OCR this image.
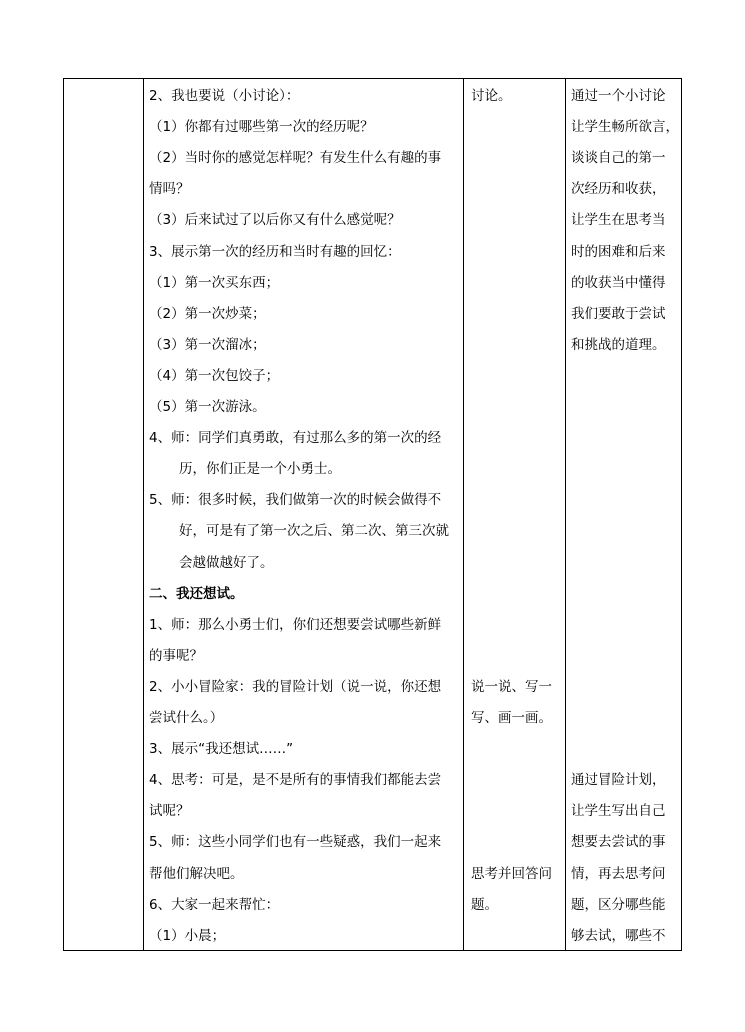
2、我也要说（小讨论）：
（1）你都有过哪些第一次的经历呢？
（2）当时你的感觉怎样呢？有发生什么有趣的事
情吗？
（3）后来试过了以后你又有什么感觉呢？
3、展示第一次的经历和当时有趣的回忆：
（1）第一次买东西；
（2）第一次炒菜；
（3）第一次溜冰；
（4）第一次包饺子；
（5）第一次游泳。
4、师：同学们真勇敢，有过那么多的第一次的经
历，你们正是一个小勇士。
5、师：很多时候，我们做第一次的时候会做得不
好，可是有了第一次之后、第二次、第三次就
会越做越好了。
二、我还想试。
1、师：那么小勇士们，你们还想要尝试哪些新鲜
的事呢？
2、小小冒险家：我的冒险计划（说一说，你还想
尝试什么。）
3、展示“我还想试……”
4、思考：可是，是不是所有的事情我们都能去尝
试呢？
5、师：这些小同学们也有一些疑惑，我们一起来
帮他们解决吧。
6、大家一起来帮忙：
（1）小晨；
讨论。
说一说、写一
写、画一画。
思考并回答问
题。
通过一个小讨论
让学生畅所欲言，
谈谈自己的第一
次经历和收获，
让学生在思考当
时的困难和后来
的收获当中懂得
我们要敢于尝试
和挑战的道理。
通过冒险计划，
让学生写出自己
想要去尝试的事
情，再去思考问
题，区分哪些能
够去试，哪些不
